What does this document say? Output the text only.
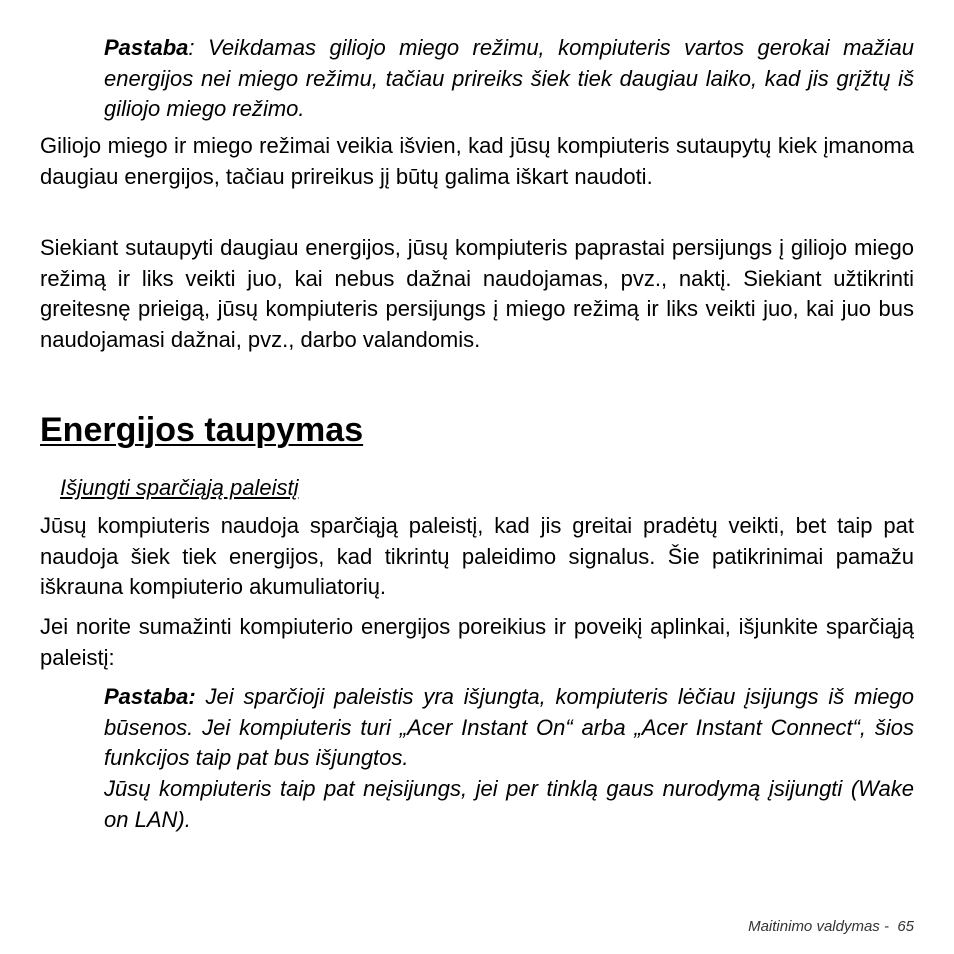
Pastaba: Veikdamas giliojo miego režimu, kompiuteris vartos gerokai mažiau energijos nei miego režimu, tačiau prireiks šiek tiek daugiau laiko, kad jis grįžtų iš giliojo miego režimo.

Giliojo miego ir miego režimai veikia išvien, kad jūsų kompiuteris sutaupytų kiek įmanoma daugiau energijos, tačiau prireikus jį būtų galima iškart naudoti.

Siekiant sutaupyti daugiau energijos, jūsų kompiuteris paprastai persijungs į giliojo miego režimą ir liks veikti juo, kai nebus dažnai naudojamas, pvz., naktį. Siekiant užtikrinti greitesnę prieigą, jūsų kompiuteris persijungs į miego režimą ir liks veikti juo, kai juo bus naudojamasi dažnai, pvz., darbo valandomis.

Energijos taupymas

Išjungti sparčiąją paleistį

Jūsų kompiuteris naudoja sparčiąją paleistį, kad jis greitai pradėtų veikti, bet taip pat naudoja šiek tiek energijos, kad tikrintų paleidimo signalus. Šie patikrinimai pamažu iškrauna kompiuterio akumuliatorių.

Jei norite sumažinti kompiuterio energijos poreikius ir poveikį aplinkai, išjunkite sparčiąją paleistį:

Pastaba: Jei sparčioji paleistis yra išjungta, kompiuteris lėčiau įsijungs iš miego būsenos. Jei kompiuteris turi „Acer Instant On“ arba „Acer Instant Connect“, šios funkcijos taip pat bus išjungtos.

Jūsų kompiuteris taip pat neįsijungs, jei per tinklą gaus nurodymą įsijungti (Wake on LAN).

Maitinimo valdymas - 65
